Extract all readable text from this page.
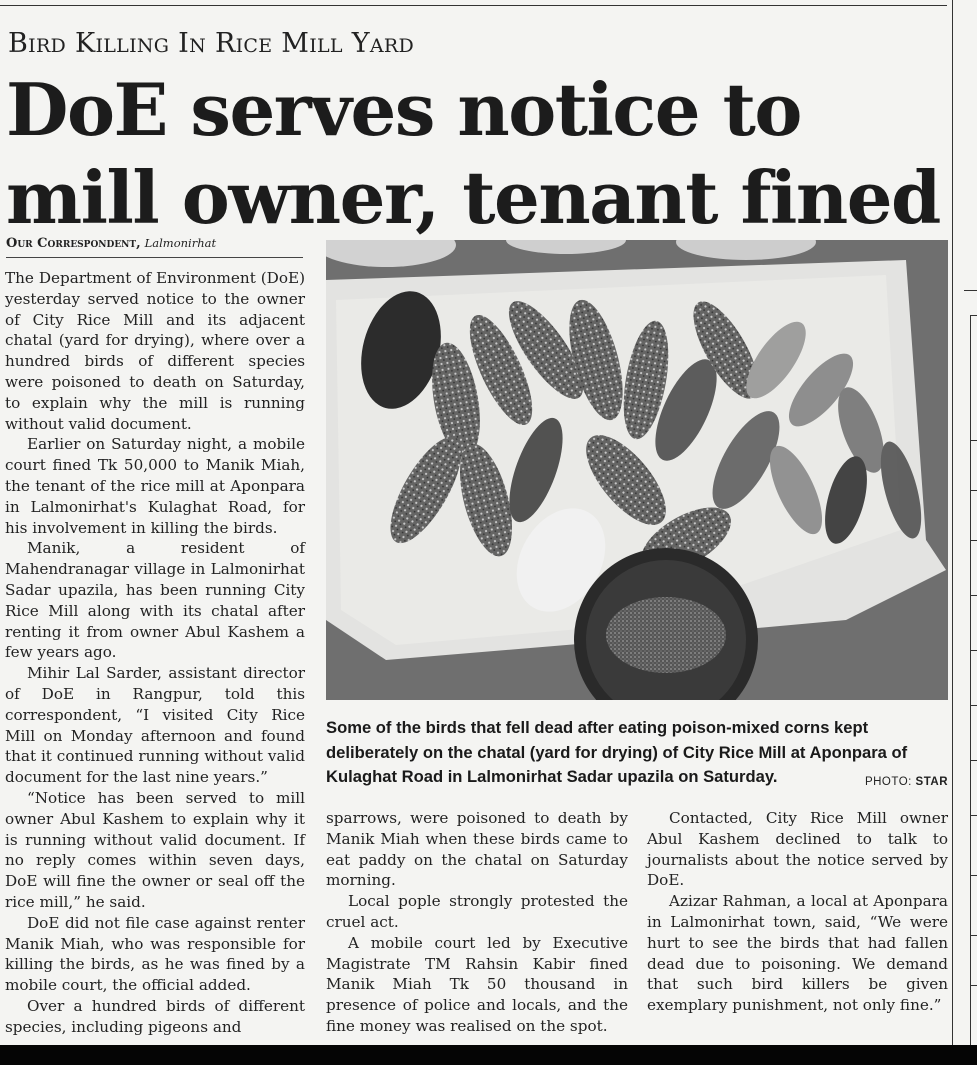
Bird Killing In Rice Mill Yard
DoE serves notice to mill owner, tenant fined
Our Correspondent, Lalmonirhat

The Department of Environment (DoE) yesterday served notice to the owner of City Rice Mill and its adjacent chatal (yard for drying), where over a hundred birds of different species were poisoned to death on Saturday, to explain why the mill is running without valid document.

Earlier on Saturday night, a mobile court fined Tk 50,000 to Manik Miah, the tenant of the rice mill at Aponpara in Lalmonirhat's Kulaghat Road, for his involvement in killing the birds.

Manik, a resident of Mahendranagar village in Lalmonirhat Sadar upazila, has been running City Rice Mill along with its chatal after renting it from owner Abul Kashem a few years ago.

Mihir Lal Sarder, assistant director of DoE in Rangpur, told this correspondent, “I visited City Rice Mill on Monday afternoon and found that it continued running without valid document for the last nine years.”

“Notice has been served to mill owner Abul Kashem to explain why it is running without valid document. If no reply comes within seven days, DoE will fine the owner or seal off the rice mill,” he said.

DoE did not file case against renter Manik Miah, who was responsible for killing the birds, as he was fined by a mobile court, the official added.

Over a hundred birds of different species, including pigeons and

Some of the birds that fell dead after eating poison-mixed corns kept deliberately on the chatal (yard for drying) of City Rice Mill at Aponpara of Kulaghat Road in Lalmonirhat Sadar upazila on Saturday.	PHOTO: STAR

sparrows, were poisoned to death by Manik Miah when these birds came to eat paddy on the chatal on Saturday morning.

Local pople strongly protested the cruel act.

A mobile court led by Executive Magistrate TM Rahsin Kabir fined Manik Miah Tk 50 thousand in presence of police and locals, and the fine money was realised on the spot.

Contacted, City Rice Mill owner Abul Kashem declined to talk to journalists about the notice served by DoE.

Azizar Rahman, a local at Aponpara in Lalmonirhat town, said, “We were hurt to see the birds that had fallen dead due to poisoning. We demand that such bird killers be given exemplary punishment, not only fine.”
